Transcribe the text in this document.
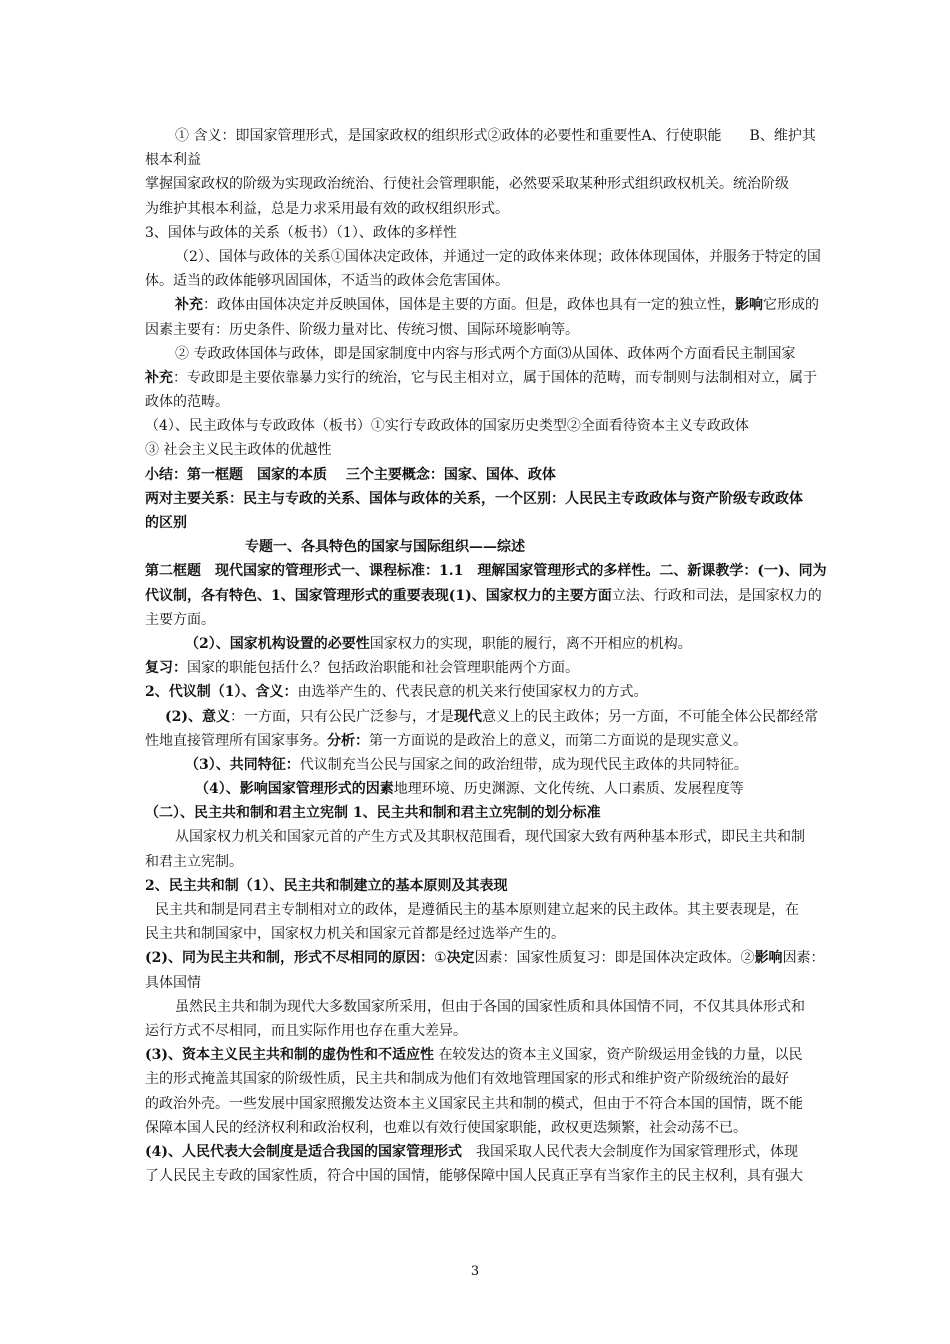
① 含义：即国家管理形式，是国家政权的组织形式②政体的必要性和重要性A、行使职能　　B、维护其
根本利益
掌握国家政权的阶级为实现政治统治、行使社会管理职能，必然要采取某种形式组织政权机关。统治阶级
为维护其根本利益，总是力求采用最有效的政权组织形式。
3、国体与政体的关系（板书）（1）、政体的多样性
（2）、国体与政体的关系①国体决定政体，并通过一定的政体来体现；政体体现国体，并服务于特定的国
体。适当的政体能够巩固国体，不适当的政体会危害国体。
补充：政体由国体决定并反映国体，国体是主要的方面。但是，政体也具有一定的独立性，影响它形成的
因素主要有：历史条件、阶级力量对比、传统习惯、国际环境影响等。
② 专政政体国体与政体，即是国家制度中内容与形式两个方面⑶从国体、政体两个方面看民主制国家
补充：专政即是主要依靠暴力实行的统治，它与民主相对立，属于国体的范畴，而专制则与法制相对立，属于
政体的范畴。
（4）、民主政体与专政政体（板书）①实行专政政体的国家历史类型②全面看待资本主义专政政体
③ 社会主义民主政体的优越性
小结：第一框题　国家的本质　 三个主要概念：国家、国体、政体
两对主要关系：民主与专政的关系、国体与政体的关系，一个区别：人民民主专政政体与资产阶级专政政体
的区别
专题一、各具特色的国家与国际组织——综述
第二框题　现代国家的管理形式一、课程标准：1.1　理解国家管理形式的多样性。二、新课教学：(一)、同为
代议制，各有特色、1、国家管理形式的重要表现(1)、国家权力的主要方面立法、行政和司法，是国家权力的
主要方面。
（2）、国家机构设置的必要性国家权力的实现，职能的履行，离不开相应的机构。
复习：国家的职能包括什么？包括政治职能和社会管理职能两个方面。
2、代议制（1）、含义：由选举产生的、代表民意的机关来行使国家权力的方式。
(2)、意义：一方面，只有公民广泛参与，才是现代意义上的民主政体；另一方面，不可能全体公民都经常
性地直接管理所有国家事务。分析：第一方面说的是政治上的意义，而第二方面说的是现实意义。
（3）、共同特征：代议制充当公民与国家之间的政治纽带，成为现代民主政体的共同特征。
（4）、影响国家管理形式的因素地理环境、历史渊源、文化传统、人口素质、发展程度等
（二）、民主共和制和君主立宪制 1、民主共和制和君主立宪制的划分标准
从国家权力机关和国家元首的产生方式及其职权范围看，现代国家大致有两种基本形式，即民主共和制
和君主立宪制。
2、民主共和制（1）、民主共和制建立的基本原则及其表现
民主共和制是同君主专制相对立的政体，是遵循民主的基本原则建立起来的民主政体。其主要表现是，在
民主共和制国家中，国家权力机关和国家元首都是经过选举产生的。
(2)、同为民主共和制，形式不尽相同的原因：①决定因素：国家性质复习：即是国体决定政体。②影响因素：
具体国情
虽然民主共和制为现代大多数国家所采用，但由于各国的国家性质和具体国情不同，不仅其具体形式和
运行方式不尽相同，而且实际作用也存在重大差异。
(3)、资本主义民主共和制的虚伪性和不适应性 在较发达的资本主义国家，资产阶级运用金钱的力量，以民
主的形式掩盖其国家的阶级性质，民主共和制成为他们有效地管理国家的形式和维护资产阶级统治的最好
的政治外壳。一些发展中国家照搬发达资本主义国家民主共和制的模式，但由于不符合本国的国情，既不能
保障本国人民的经济权利和政治权利，也难以有效行使国家职能，政权更迭频繁，社会动荡不已。
(4)、人民代表大会制度是适合我国的国家管理形式　我国采取人民代表大会制度作为国家管理形式，体现
了人民民主专政的国家性质，符合中国的国情，能够保障中国人民真正享有当家作主的民主权利，具有强大
3
